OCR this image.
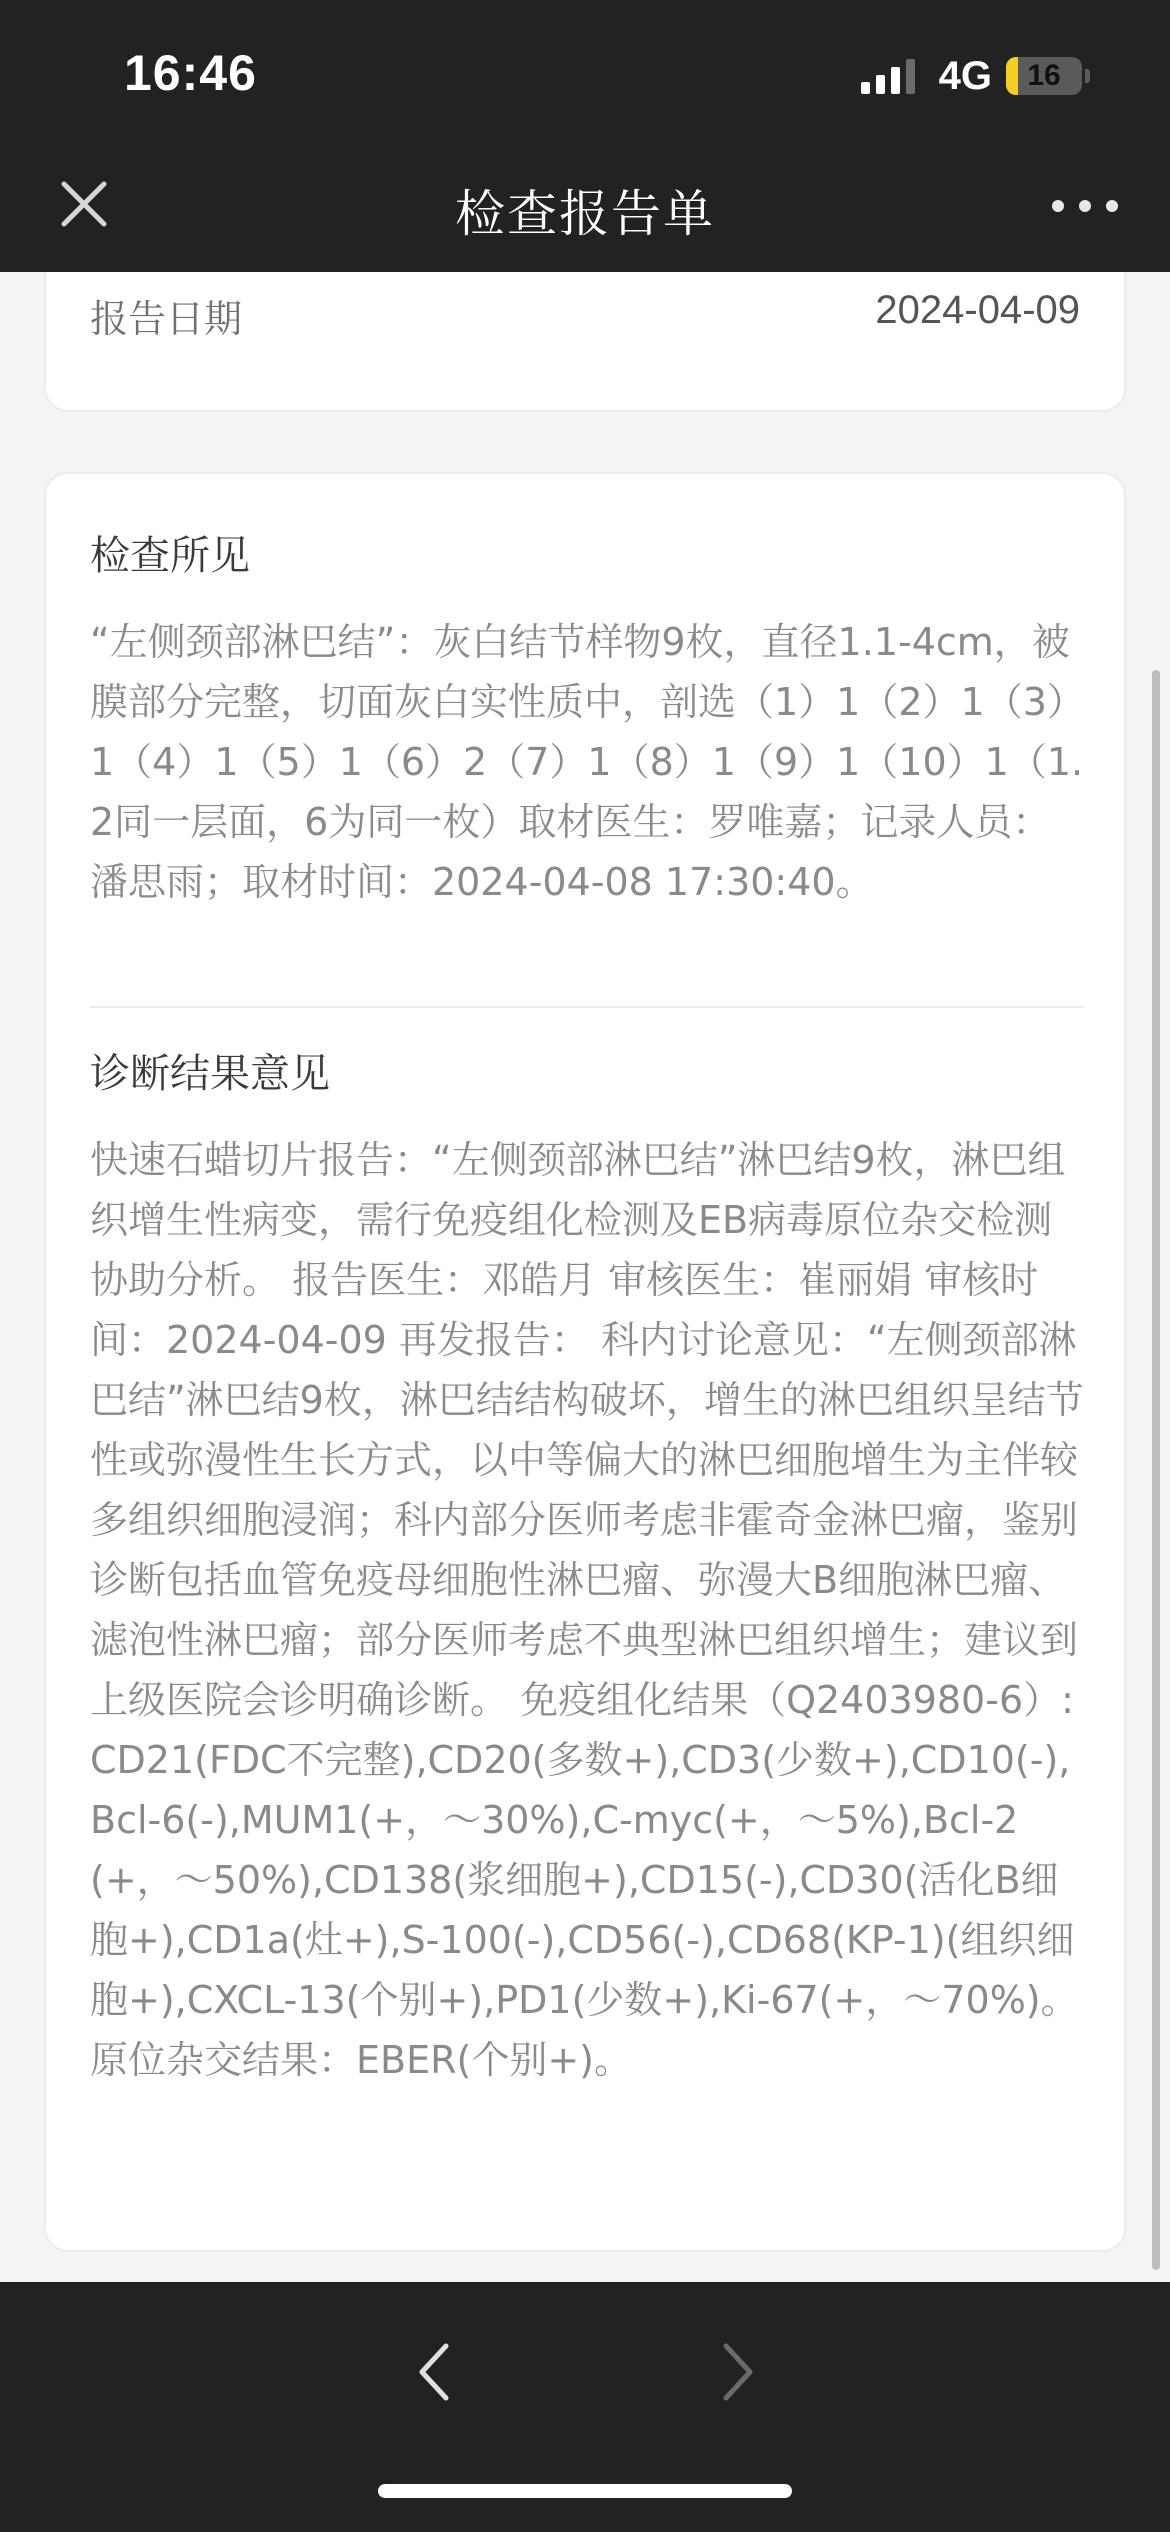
16:46	4G	16
检查报告单
报告日期	2024-04-09
检查所见
“左侧颈部淋巴结”：灰白结节样物9枚，直径1.1-4cm，被膜部分完整，切面灰白实性质中，剖选（1）1（2）1（3）1（4）1（5）1（6）2（7）1（8）1（9）1（10）1（1.2同一层面，6为同一枚）取材医生：罗唯嘉；记录人员：潘思雨；取材时间：2024-04-08 17:30:40。
诊断结果意见
快速石蜡切片报告：“左侧颈部淋巴结”淋巴结9枚，淋巴组织增生性病变，需行免疫组化检测及EB病毒原位杂交检测协助分析。 报告医生：邓皓月 审核医生：崔丽娟 审核时间：2024-04-09 再发报告： 科内讨论意见：“左侧颈部淋巴结”淋巴结9枚，淋巴结结构破坏，增生的淋巴组织呈结节性或弥漫性生长方式，以中等偏大的淋巴细胞增生为主伴较多组织细胞浸润；科内部分医师考虑非霍奇金淋巴瘤，鉴别诊断包括血管免疫母细胞性淋巴瘤、弥漫大B细胞淋巴瘤、滤泡性淋巴瘤；部分医师考虑不典型淋巴组织增生；建议到上级医院会诊明确诊断。 免疫组化结果（Q2403980-6）:CD21(FDC不完整),CD20(多数+),CD3(少数+),CD10(-),Bcl-6(-),MUM1(+，～30%),C-myc(+，～5%),Bcl-2(+，～50%),CD138(浆细胞+),CD15(-),CD30(活化B细胞+),CD1a(灶+),S-100(-),CD56(-),CD68(KP-1)(组织细胞+),CXCL-13(个别+),PD1(少数+),Ki-67(+，～70%)。 原位杂交结果：EBER(个别+)。
